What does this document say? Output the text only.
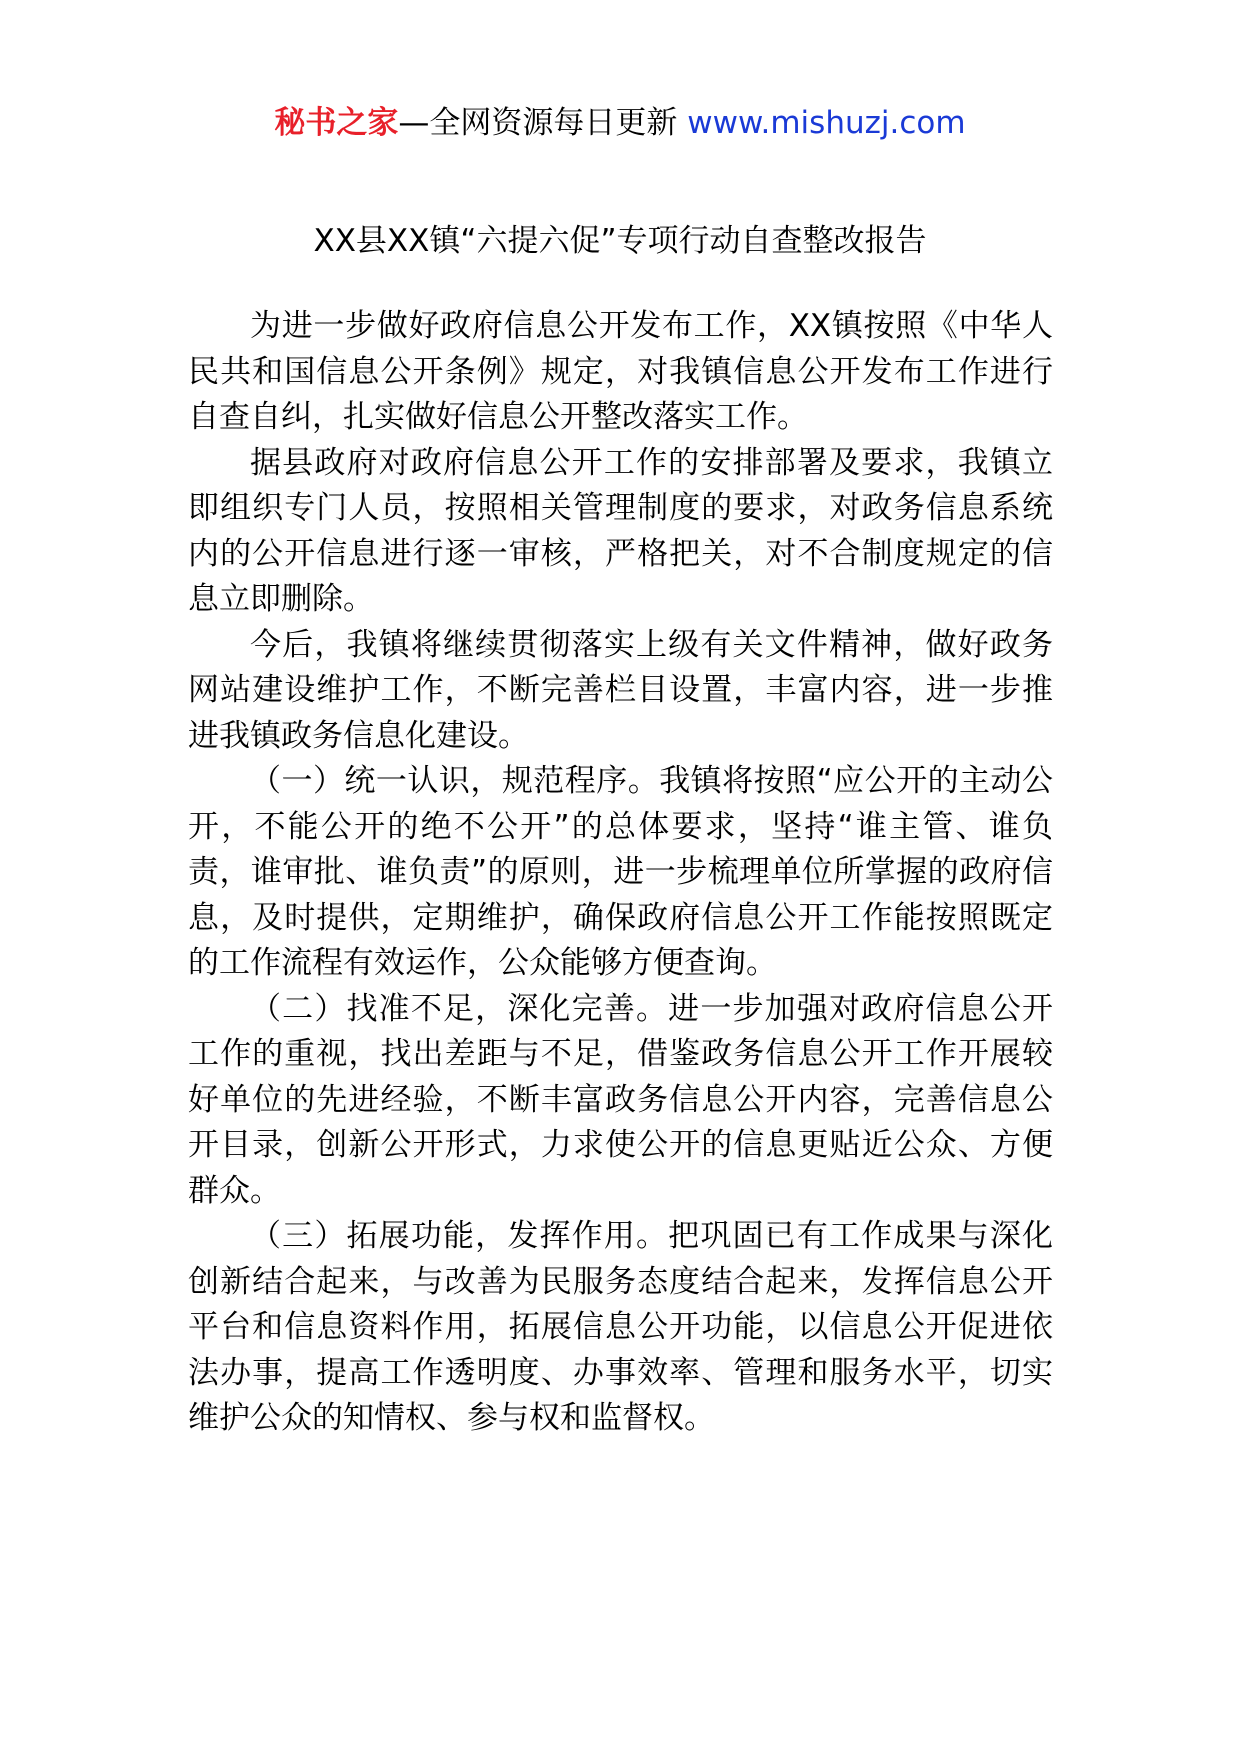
秘书之家—全网资源每日更新 www.mishuzj.com
XX县XX镇“六提六促”专项行动自查整改报告

为进一步做好政府信息公开发布工作，XX镇按照《中华人民共和国信息公开条例》规定，对我镇信息公开发布工作进行自查自纠，扎实做好信息公开整改落实工作。

据县政府对政府信息公开工作的安排部署及要求，我镇立即组织专门人员，按照相关管理制度的要求，对政务信息系统内的公开信息进行逐一审核，严格把关，对不合制度规定的信息立即删除。

今后，我镇将继续贯彻落实上级有关文件精神，做好政务网站建设维护工作，不断完善栏目设置，丰富内容，进一步推进我镇政务信息化建设。

（一）统一认识，规范程序。我镇将按照“应公开的主动公开，不能公开的绝不公开”的总体要求，坚持“谁主管、谁负责，谁审批、谁负责”的原则，进一步梳理单位所掌握的政府信息，及时提供，定期维护，确保政府信息公开工作能按照既定的工作流程有效运作，公众能够方便查询。

（二）找准不足，深化完善。进一步加强对政府信息公开工作的重视，找出差距与不足，借鉴政务信息公开工作开展较好单位的先进经验，不断丰富政务信息公开内容，完善信息公开目录，创新公开形式，力求使公开的信息更贴近公众、方便群众。

（三）拓展功能，发挥作用。把巩固已有工作成果与深化创新结合起来，与改善为民服务态度结合起来，发挥信息公开平台和信息资料作用，拓展信息公开功能，以信息公开促进依法办事，提高工作透明度、办事效率、管理和服务水平，切实维护公众的知情权、参与权和监督权。
